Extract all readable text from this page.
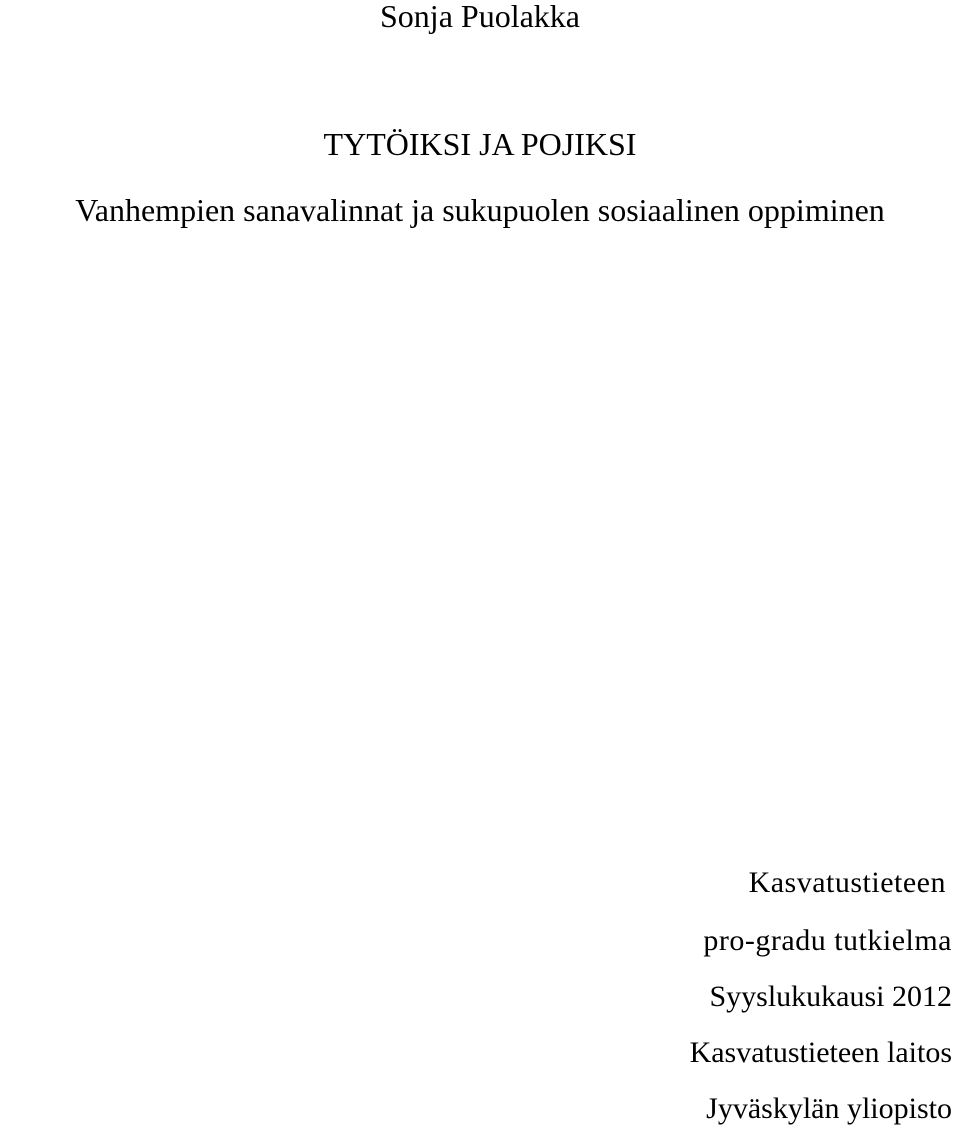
Sonja Puolakka
TYTÖIKSI JA POJIKSI
Vanhempien sanavalinnat ja sukupuolen sosiaalinen oppiminen
Kasvatustieteen
pro-gradu tutkielma
Syyslukukausi 2012
Kasvatustieteen laitos
Jyväskylän yliopisto
